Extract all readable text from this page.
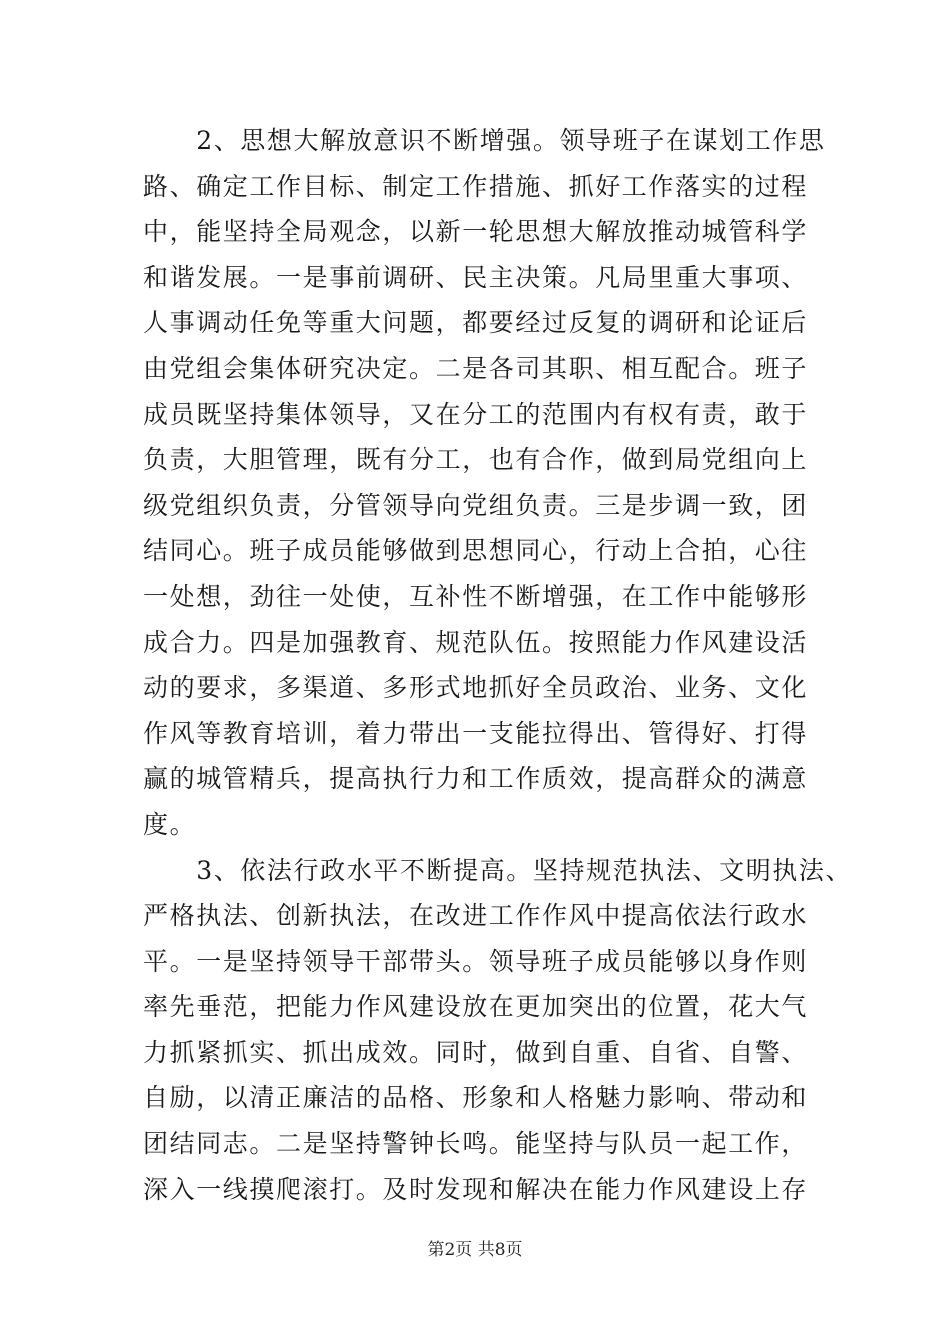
　　2、思想大解放意识不断增强。领导班子在谋划工作思
路、确定工作目标、制定工作措施、抓好工作落实的过程
中，能坚持全局观念，以新一轮思想大解放推动城管科学
和谐发展。一是事前调研、民主决策。凡局里重大事项、
人事调动任免等重大问题，都要经过反复的调研和论证后
由党组会集体研究决定。二是各司其职、相互配合。班子
成员既坚持集体领导，又在分工的范围内有权有责，敢于
负责，大胆管理，既有分工，也有合作，做到局党组向上
级党组织负责，分管领导向党组负责。三是步调一致，团
结同心。班子成员能够做到思想同心，行动上合拍，心往
一处想，劲往一处使，互补性不断增强，在工作中能够形
成合力。四是加强教育、规范队伍。按照能力作风建设活
动的要求，多渠道、多形式地抓好全员政治、业务、文化
作风等教育培训，着力带出一支能拉得出、管得好、打得
赢的城管精兵，提高执行力和工作质效，提高群众的满意
度。
　　3、依法行政水平不断提高。坚持规范执法、文明执法、
严格执法、创新执法，在改进工作作风中提高依法行政水
平。一是坚持领导干部带头。领导班子成员能够以身作则
率先垂范，把能力作风建设放在更加突出的位置，花大气
力抓紧抓实、抓出成效。同时，做到自重、自省、自警、
自励，以清正廉洁的品格、形象和人格魅力影响、带动和
团结同志。二是坚持警钟长鸣。能坚持与队员一起工作，
深入一线摸爬滚打。及时发现和解决在能力作风建设上存
第2页 共8页
